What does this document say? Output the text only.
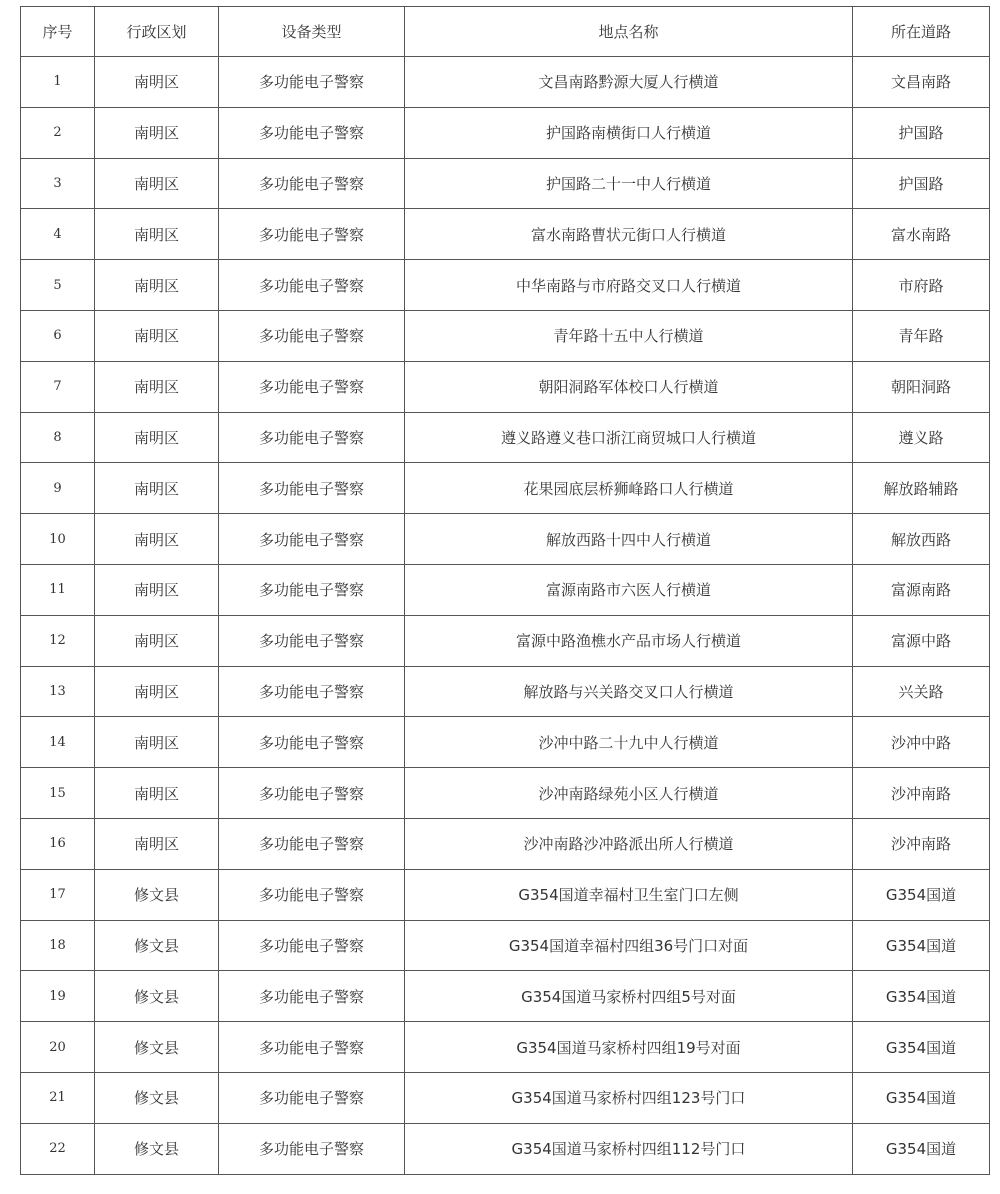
序号	行政区划	设备类型	地点名称	所在道路
1	南明区	多功能电子警察	文昌南路黔源大厦人行横道	文昌南路
2	南明区	多功能电子警察	护国路南横街口人行横道	护国路
3	南明区	多功能电子警察	护国路二十一中人行横道	护国路
4	南明区	多功能电子警察	富水南路曹状元街口人行横道	富水南路
5	南明区	多功能电子警察	中华南路与市府路交叉口人行横道	市府路
6	南明区	多功能电子警察	青年路十五中人行横道	青年路
7	南明区	多功能电子警察	朝阳洞路军体校口人行横道	朝阳洞路
8	南明区	多功能电子警察	遵义路遵义巷口浙江商贸城口人行横道	遵义路
9	南明区	多功能电子警察	花果园底层桥狮峰路口人行横道	解放路辅路
10	南明区	多功能电子警察	解放西路十四中人行横道	解放西路
11	南明区	多功能电子警察	富源南路市六医人行横道	富源南路
12	南明区	多功能电子警察	富源中路渔樵水产品市场人行横道	富源中路
13	南明区	多功能电子警察	解放路与兴关路交叉口人行横道	兴关路
14	南明区	多功能电子警察	沙冲中路二十九中人行横道	沙冲中路
15	南明区	多功能电子警察	沙冲南路绿苑小区人行横道	沙冲南路
16	南明区	多功能电子警察	沙冲南路沙冲路派出所人行横道	沙冲南路
17	修文县	多功能电子警察	G354国道幸福村卫生室门口左侧	G354国道
18	修文县	多功能电子警察	G354国道幸福村四组36号门口对面	G354国道
19	修文县	多功能电子警察	G354国道马家桥村四组5号对面	G354国道
20	修文县	多功能电子警察	G354国道马家桥村四组19号对面	G354国道
21	修文县	多功能电子警察	G354国道马家桥村四组123号门口	G354国道
22	修文县	多功能电子警察	G354国道马家桥村四组112号门口	G354国道
